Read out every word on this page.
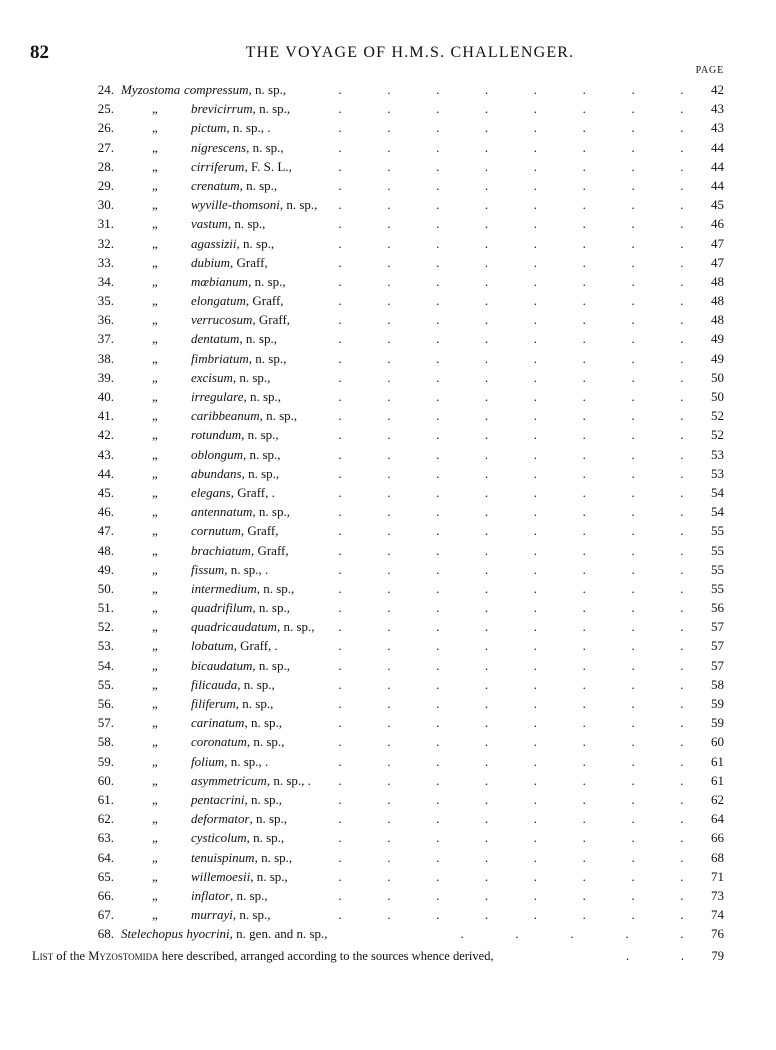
82	THE VOYAGE OF H.M.S. CHALLENGER.
PAGE
24. Myzostoma compressum, n. sp.,	.	.	.	.	.	.	.	.	42
25.	„	brevicirrum, n. sp.,	.	.	.	.	.	.	.	.	43
26.	„	pictum, n. sp., .	.	.	.	.	.	.	.	.	43
27.	„	nigrescens, n. sp.,	.	.	.	.	.	.	.	.	44
28.	„	cirriferum, F. S. L.,	.	.	.	.	.	.	.	.	44
29.	„	crenatum, n. sp.,	.	.	.	.	.	.	.	.	44
30.	„	wyville-thomsoni, n. sp., .	.	.	.	.	.	.	.	45
31.	„	vastum, n. sp.,	.	.	.	.	.	.	.	.	46
32.	„	agassizii, n. sp.,	.	.	.	.	.	.	.	.	47
33.	„	dubium, Graff,	.	.	.	.	.	.	.	.	47
34.	„	mœbianum, n. sp.,	.	.	.	.	.	.	.	.	48
35.	„	elongatum, Graff,	.	.	.	.	.	.	.	.	48
36.	„	verrucosum, Graff,	.	.	.	.	.	.	.	.	48
37.	„	dentatum, n. sp.,	.	.	.	.	.	.	.	.	49
38.	„	fimbriatum, n. sp.,	.	.	.	.	.	.	.	.	49
39.	„	excisum, n. sp.,	.	.	.	.	.	.	.	.	50
40.	„	irregulare, n. sp.,	.	.	.	.	.	.	.	.	50
41.	„	caribbeanum, n. sp.,	.	.	.	.	.	.	.	.	52
42.	„	rotundum, n. sp.,	.	.	.	.	.	.	.	.	52
43.	„	oblongum, n. sp.,	.	.	.	.	.	.	.	.	53
44.	„	abundans, n. sp.,	.	.	.	.	.	.	.	.	53
45.	„	elegans, Graff, .	.	.	.	.	.	.	.	.	54
46.	„	antennatum, n. sp.,	.	.	.	.	.	.	.	.	54
47.	„	cornutum, Graff,	.	.	.	.	.	.	.	.	55
48.	„	brachiatum, Graff,	.	.	.	.	.	.	.	.	55
49.	„	fissum, n. sp., .	.	.	.	.	.	.	.	.	55
50.	„	intermedium, n. sp.,	.	.	.	.	.	.	.	.	55
51.	„	quadrifilum, n. sp.,	.	.	.	.	.	.	.	.	56
52.	„	quadricaudatum, n. sp., .	.	.	.	.	.	.	.	57
53.	„	lobatum, Graff, .	.	.	.	.	.	.	.	.	57
54.	„	bicaudatum, n. sp.,	.	.	.	.	.	.	.	.	57
55.	„	filicauda, n. sp.,	.	.	.	.	.	.	.	.	58
56.	„	filiferum, n. sp.,	.	.	.	.	.	.	.	.	59
57.	„	carinatum, n. sp.,	.	.	.	.	.	.	.	.	59
58.	„	coronatum, n. sp.,	.	.	.	.	.	.	.	.	60
59.	„	folium, n. sp., .	.	.	.	.	.	.	.	.	61
60.	„	asymmetricum, n. sp., . .	.	.	.	.	.	.	.	61
61.	„	pentacrini, n. sp.,	.	.	.	.	.	.	.	.	62
62.	„	deformator, n. sp.,	.	.	.	.	.	.	.	.	64
63.	„	cysticolum, n. sp.,	.	.	.	.	.	.	.	.	66
64.	„	tenuispinum, n. sp.,	.	.	.	.	.	.	.	.	68
65.	„	willemoesii, n. sp.,	.	.	.	.	.	.	.	.	71
66.	„	inflator, n. sp.,	.	.	.	.	.	.	.	.	73
67.	„	murrayi, n. sp.,	.	.	.	.	.	.	.	.	74
68. Stelechopus hyocrini, n. gen. and n. sp.,	.	.	.	.	.	76
List of the Myzostomida here described, arranged according to the sources whence derived,	.	.	79
